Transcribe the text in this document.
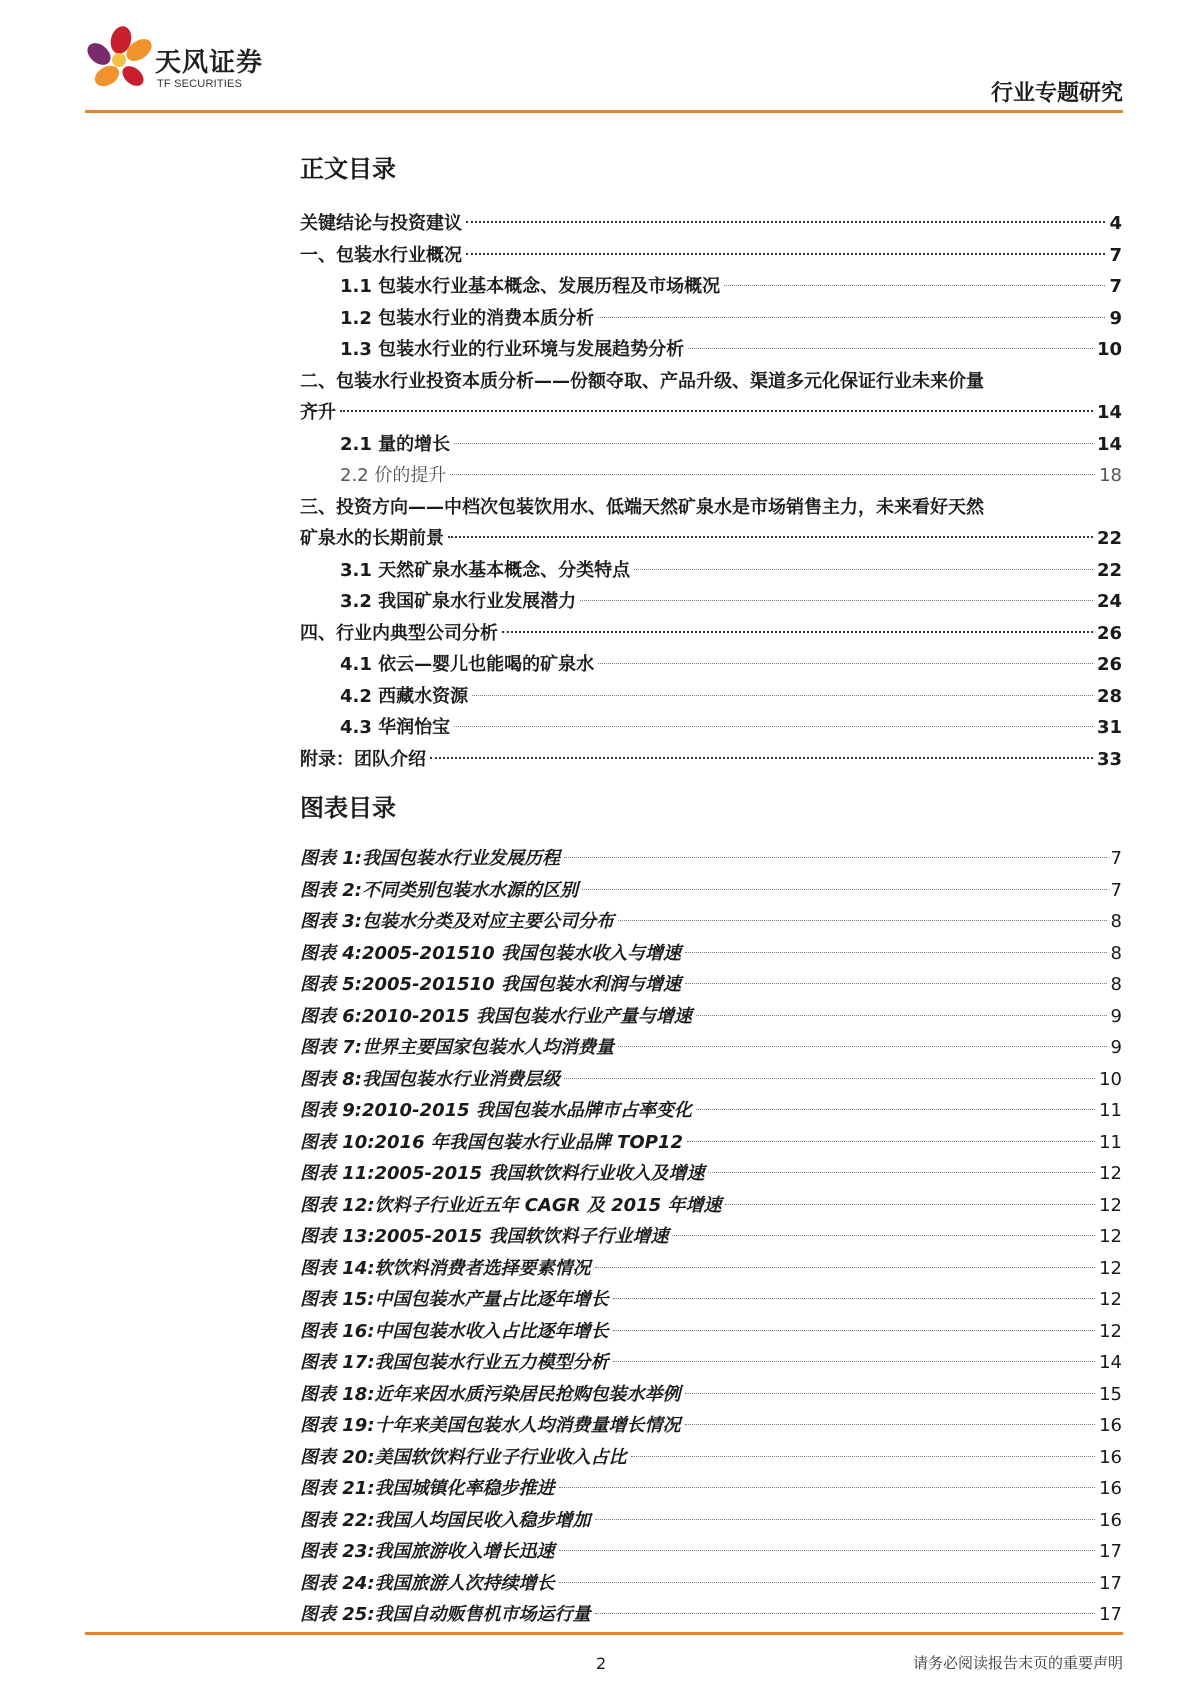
天风证券
TF SECURITIES	行业专题研究
正文目录
关键结论与投资建议	4
一、包装水行业概况	7
1.1 包装水行业基本概念、发展历程及市场概况	7
1.2 包装水行业的消费本质分析	9
1.3 包装水行业的行业环境与发展趋势分析	10
二、包装水行业投资本质分析——份额夺取、产品升级、渠道多元化保证行业未来价量
齐升	14
2.1 量的增长	14
2.2 价的提升	18
三、投资方向——中档次包装饮用水、低端天然矿泉水是市场销售主力，未来看好天然
矿泉水的长期前景	22
3.1 天然矿泉水基本概念、分类特点	22
3.2 我国矿泉水行业发展潜力	24
四、行业内典型公司分析	26
4.1 依云—婴儿也能喝的矿泉水	26
4.2 西藏水资源	28
4.3 华润怡宝	31
附录：团队介绍	33
图表目录
图表 1:我国包装水行业发展历程	7
图表 2:不同类别包装水水源的区别	7
图表 3:包装水分类及对应主要公司分布	8
图表 4:2005-201510 我国包装水收入与增速	8
图表 5:2005-201510 我国包装水利润与增速	8
图表 6:2010-2015 我国包装水行业产量与增速	9
图表 7:世界主要国家包装水人均消费量	9
图表 8:我国包装水行业消费层级	10
图表 9:2010-2015 我国包装水品牌市占率变化	11
图表 10:2016 年我国包装水行业品牌 TOP12	11
图表 11:2005-2015 我国软饮料行业收入及增速	12
图表 12:饮料子行业近五年 CAGR 及 2015 年增速	12
图表 13:2005-2015 我国软饮料子行业增速	12
图表 14:软饮料消费者选择要素情况	12
图表 15:中国包装水产量占比逐年增长	12
图表 16:中国包装水收入占比逐年增长	12
图表 17:我国包装水行业五力模型分析	14
图表 18:近年来因水质污染居民抢购包装水举例	15
图表 19:十年来美国包装水人均消费量增长情况	16
图表 20:美国软饮料行业子行业收入占比	16
图表 21:我国城镇化率稳步推进	16
图表 22:我国人均国民收入稳步增加	16
图表 23:我国旅游收入增长迅速	17
图表 24:我国旅游人次持续增长	17
图表 25:我国自动贩售机市场运行量	17
2	请务必阅读报告末页的重要声明
